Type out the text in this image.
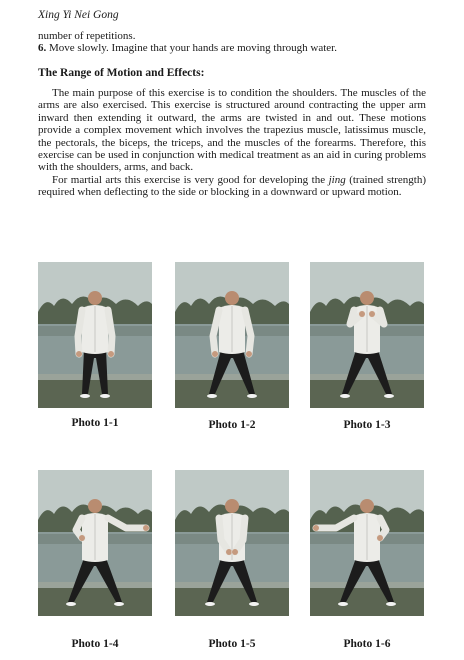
Xing Yi Nei Gong

number of repetitions.

6. Move slowly. Imagine that your hands are moving through water.

The Range of Motion and Effects:

The main purpose of this exercise is to condition the shoulders. The muscles of the arms are also exercised. This exercise is structured around contracting the upper arm inward then extending it outward, the arms are twisted in and out. These motions provide a complex movement which involves the trapezius muscle, latissimus muscle, the pectorals, the biceps, the triceps, and the muscles of the forearms. Therefore, this exercise can be used in conjunction with medical treatment as an aid in curing problems with the shoulders, arms, and back.

For martial arts this exercise is very good for developing the jing (trained strength) required when deflecting to the side or blocking in a downward or upward motion.

Photo 1-1	Photo 1-2	Photo 1-3
Photo 1-4	Photo 1-5	Photo 1-6
